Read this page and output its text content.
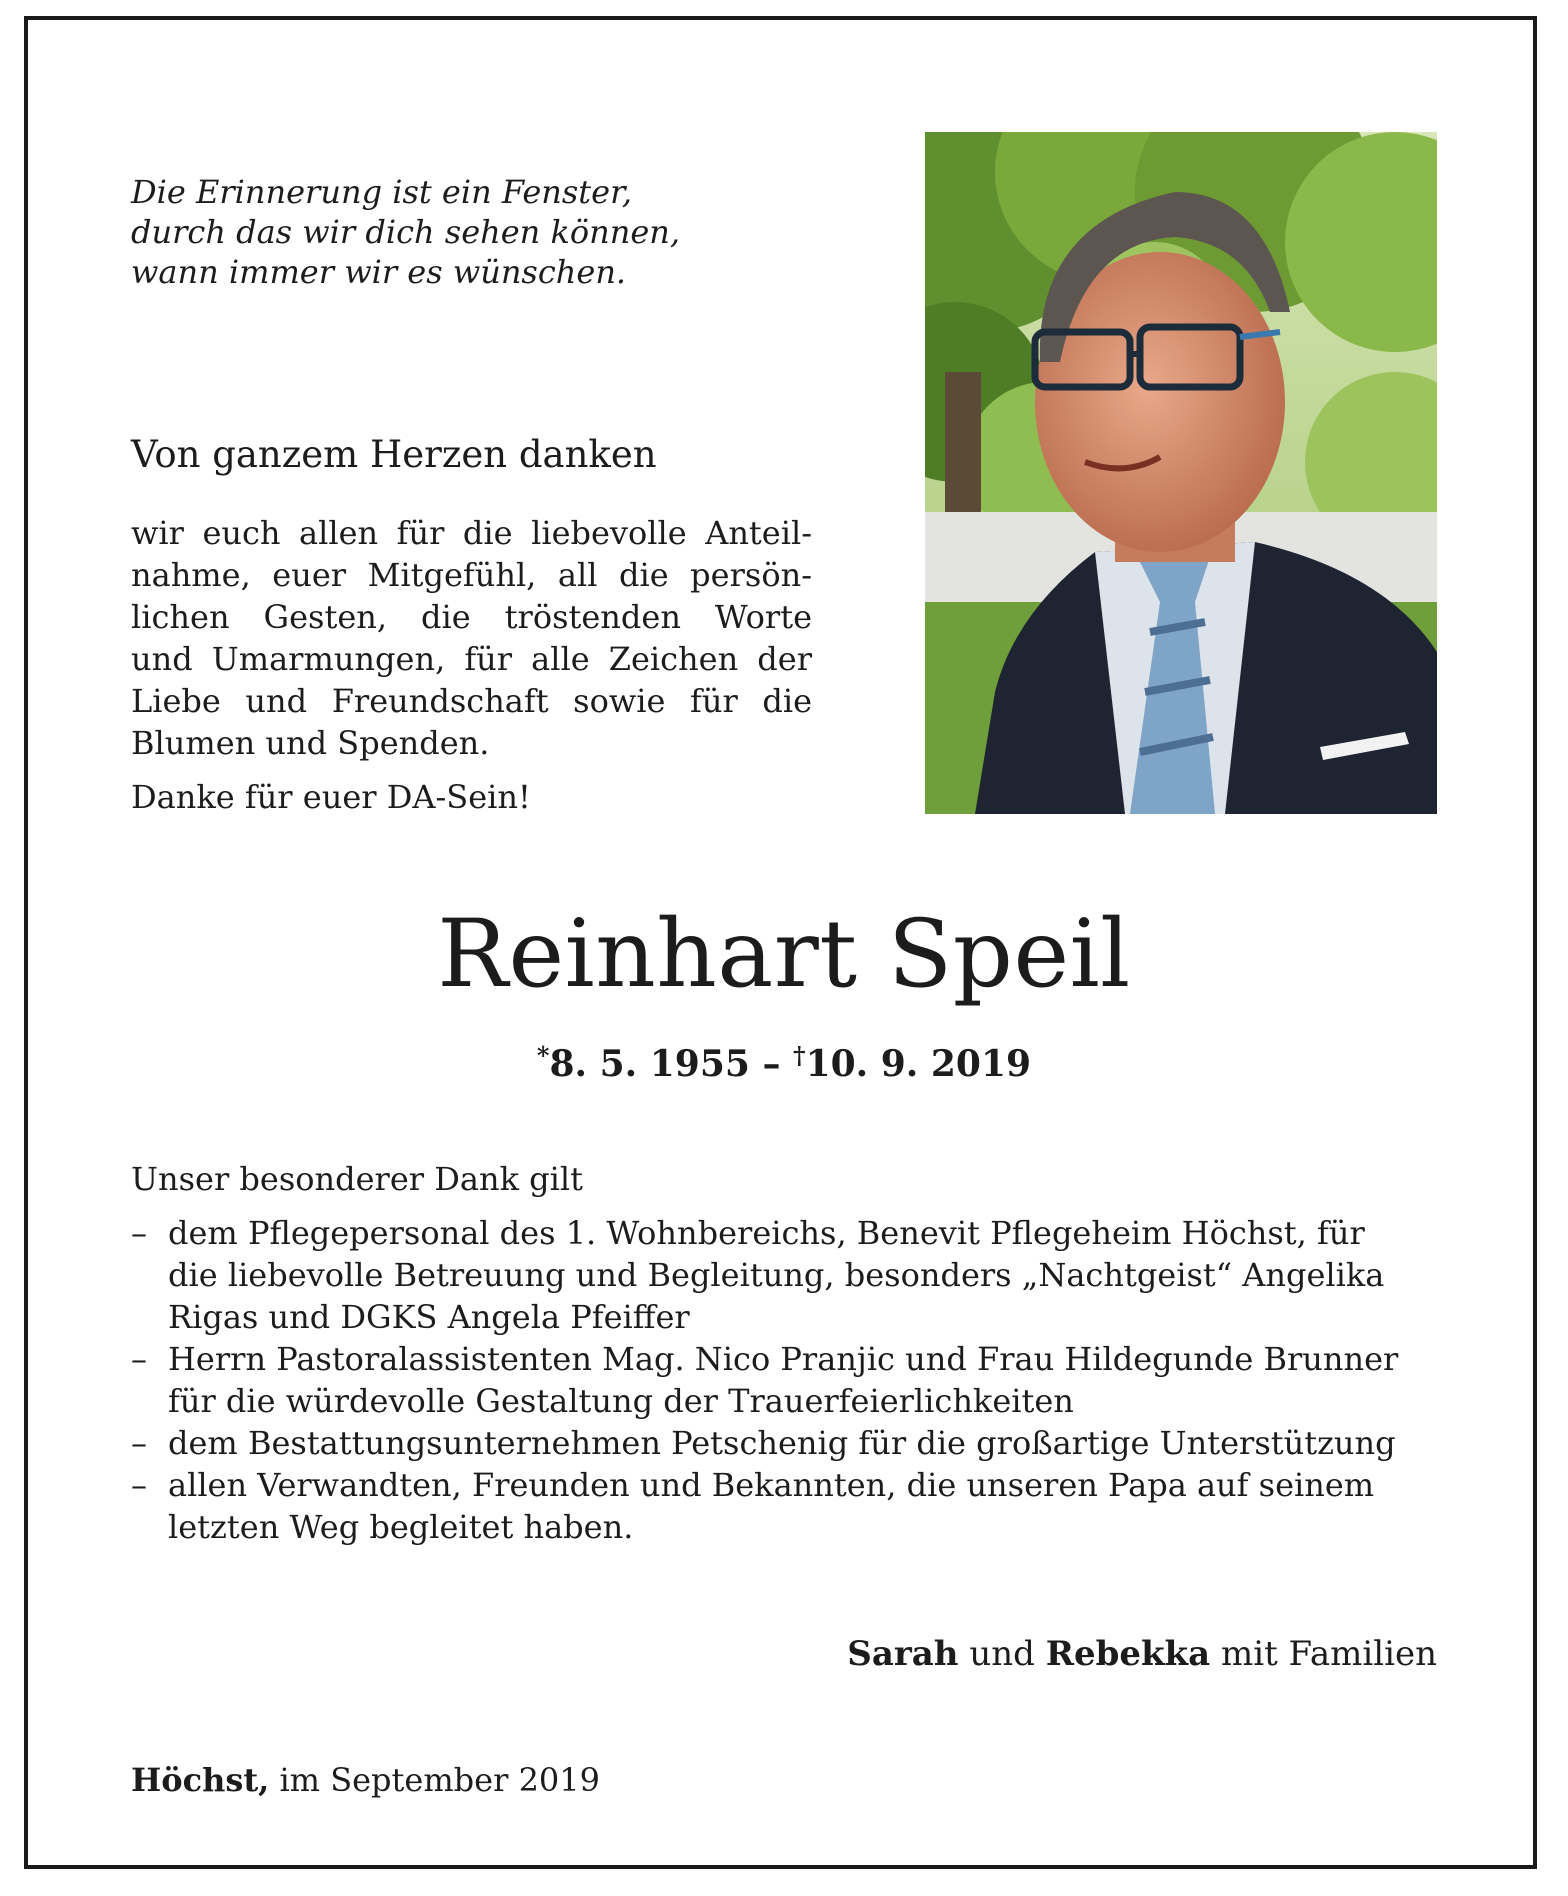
Die Erinnerung ist ein Fenster,
durch das wir dich sehen können,
wann immer wir es wünschen.
Von ganzem Herzen danken
wir euch allen für die liebevolle Anteil-
nahme, euer Mitgefühl, all die persön-
lichen Gesten, die tröstenden Worte
und Umarmungen, für alle Zeichen der
Liebe und Freundschaft sowie für die
Blumen und Spenden.
Danke für euer DA-Sein!
Reinhart Speil
*8. 5. 1955 – †10. 9. 2019
Unser besonderer Dank gilt
– dem Pflegepersonal des 1. Wohnbereichs, Benevit Pflegeheim Höchst, für
die liebevolle Betreuung und Begleitung, besonders „Nachtgeist“ Angelika
Rigas und DGKS Angela Pfeiffer
– Herrn Pastoralassistenten Mag. Nico Pranjic und Frau Hildegunde Brunner
für die würdevolle Gestaltung der Trauerfeierlichkeiten
– dem Bestattungsunternehmen Petschenig für die großartige Unterstützung
– allen Verwandten, Freunden und Bekannten, die unseren Papa auf seinem
letzten Weg begleitet haben.
Sarah und Rebekka mit Familien
Höchst, im September 2019
